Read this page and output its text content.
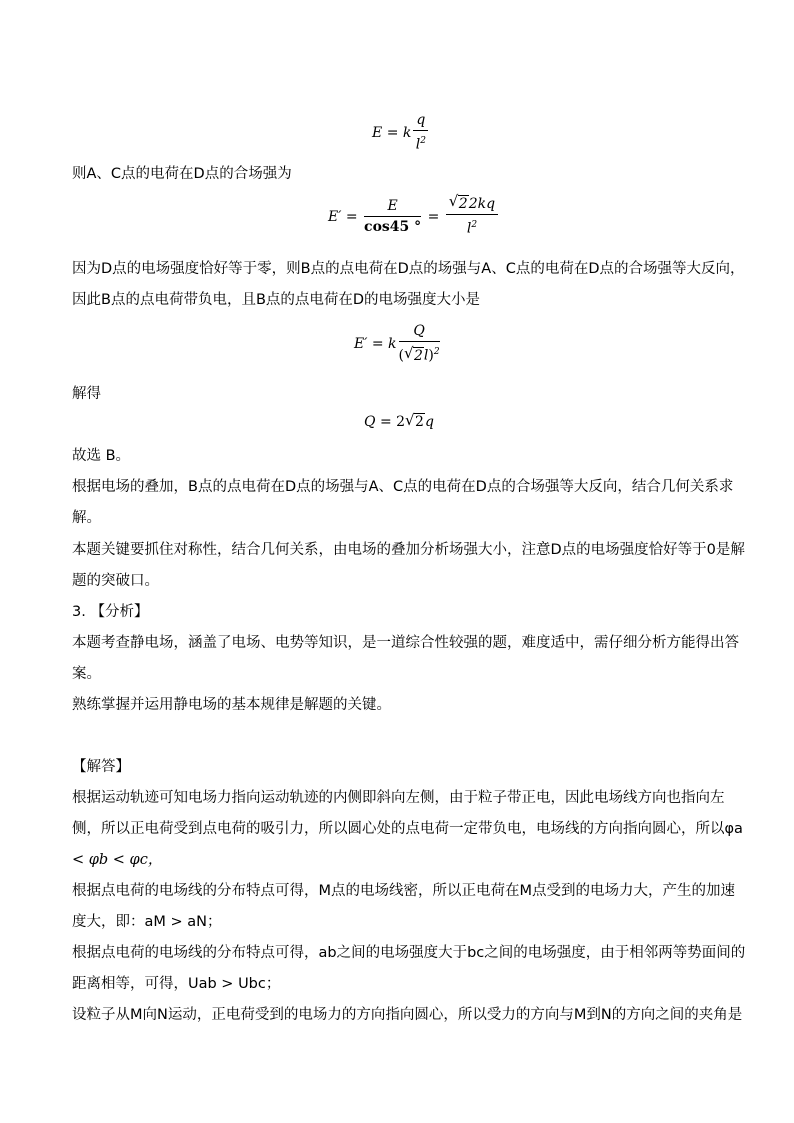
E = k $\frac{q}{l^2}$
则A、C点的电荷在D点的合场强为
$E' = \frac{E}{\cos 45 ^\circ} = \frac{√ 22kq}{l^2}$
因为D点的电场强度恰好等于零，则B点的点电荷在D点的场强与A、C点的电荷在D点的合场强等大反向，
因此B点的点电荷带负电，且B点的点电荷在D的电场强度大小是
E′ = k $\frac{Q}{( √ 2l)^2}$
解得
Q = 2 √ 2q
故选 B。
根据电场的叠加，B点的点电荷在D点的场强与A、C点的电荷在D点的合场强等大反向，结合几何关系求
解。
本题关键要抓住对称性，结合几何关系，由电场的叠加分析场强大小，注意D点的电场强度恰好等于0是解
题的突破口。
3. 【分析】
本题考查静电场，涵盖了电场、电势等知识，是一道综合性较强的题，难度适中，需仔细分析方能得出答
案。
熟练掌握并运用静电场的基本规律是解题的关键。
【解答】
根据运动轨迹可知电场力指向运动轨迹的内侧即斜向左侧，由于粒子带正电，因此电场线方向也指向左
侧，所以正电荷受到点电荷的吸引力，所以圆心处的点电荷一定带负电，电场线的方向指向圆心，所以φa
< φb < φc，
根据点电荷的电场线的分布特点可得，M点的电场线密，所以正电荷在M点受到的电场力大，产生的加速
度大，即：aM > aN；
根据点电荷的电场线的分布特点可得，ab之间的电场强度大于bc之间的电场强度，由于相邻两等势面间的
距离相等，可得，Uab > Ubc；
设粒子从M向N运动，正电荷受到的电场力的方向指向圆心，所以受力的方向与M到N的方向之间的夹角是
